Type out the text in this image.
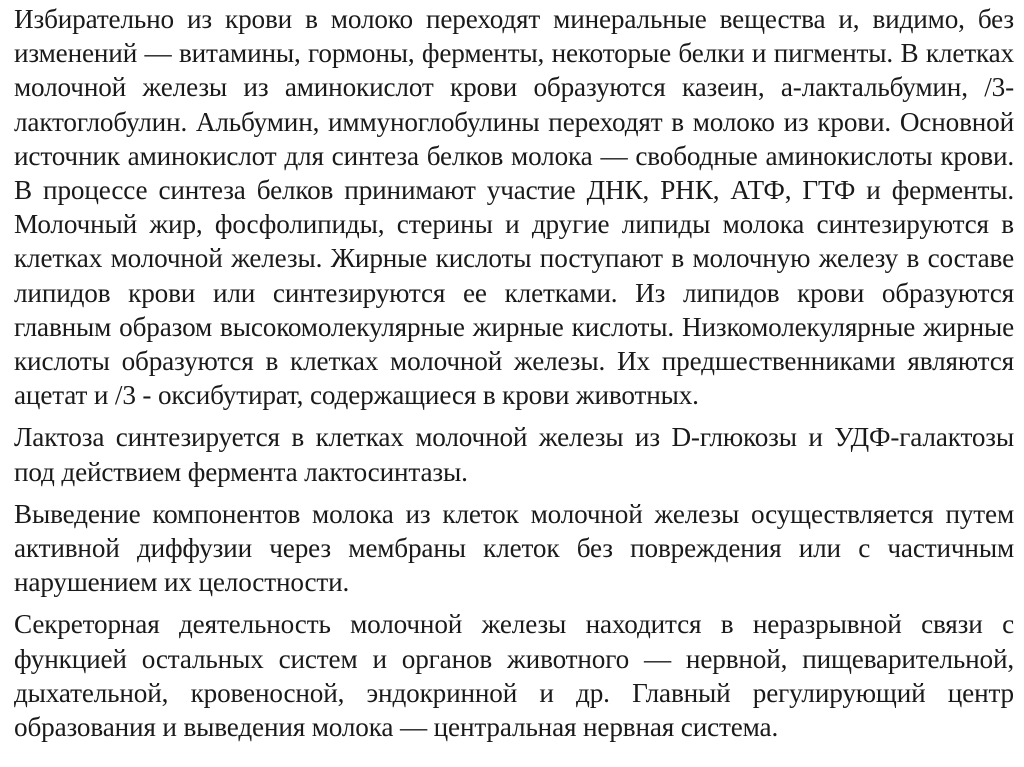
Избирательно из крови в молоко переходят минеральные вещества и, видимо, без изменений — витамины, гормоны, ферменты, некоторые белки и пигменты. В клетках молочной железы из аминокислот крови образуются казеин, а-лактальбумин, /3- лактоглобулин. Альбумин, иммуноглобулины переходят в молоко из крови. Основной источник аминокислот для синтеза белков молока — свободные аминокислоты крови. В процессе синтеза белков принимают участие ДНК, РНК, АТФ, ГТФ и ферменты. Молочный жир, фосфолипиды, стерины и другие липиды молока синтезируются в клетках молочной железы. Жирные кислоты поступают в молочную железу в составе липидов крови или синтезируются ее клетками. Из липидов крови образуются главным образом высокомолекулярные жирные кислоты. Низкомолекулярные жирные кислоты образуются в клетках молочной железы. Их предшественниками являются ацетат и /3 - оксибутират, содержащиеся в крови животных.

Лактоза синтезируется в клетках молочной железы из D-глюкозы и УДФ-галактозы под действием фермента лактосинтазы.

Выведение компонентов молока из клеток молочной железы осуществляется путем активной диффузии через мембраны клеток без повреждения или с частичным нарушением их целостности.

Секреторная деятельность молочной железы находится в неразрывной связи с функцией остальных систем и органов животного — нервной, пищеварительной, дыхательной, кровеносной, эндокринной и др. Главный регулирующий центр образования и выведения молока — центральная нервная система.
